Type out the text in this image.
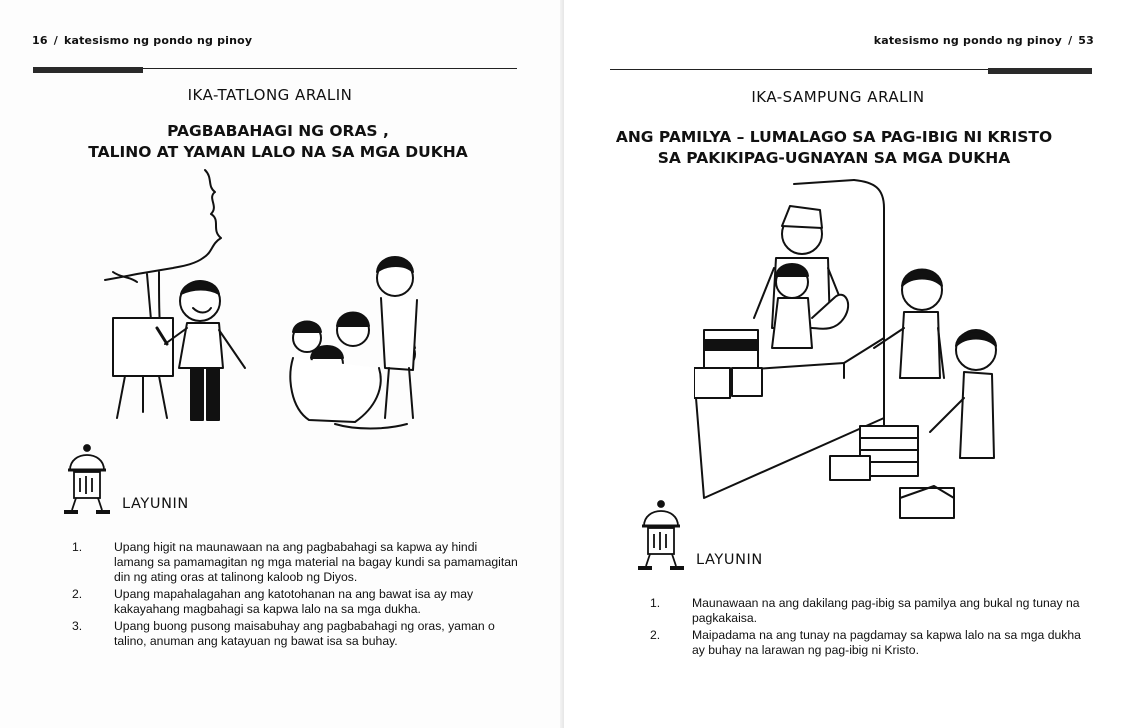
16 / katesismo ng pondo ng pinoy
IKA-TATLONG ARALIN
PAGBABAHAGI NG ORAS ,
TALINO AT YAMAN LALO NA SA MGA DUKHA
LAYUNIN
1.	Upang higit na maunawaan na ang pagbabahagi sa kapwa ay hindi lamang sa pamamagitan ng mga material na bagay kundi sa pamamagitan din ng ating oras at talinong kaloob ng Diyos.
2.	Upang mapahalagahan ang katotohanan na ang bawat isa ay may kakayahang magbahagi sa kapwa lalo na sa mga dukha.
3.	Upang buong pusong maisabuhay ang pagbabahagi ng oras, yaman o talino, anuman ang katayuan ng bawat isa sa buhay.
katesismo ng pondo ng pinoy / 53
IKA-SAMPUNG ARALIN
ANG PAMILYA – LUMALAGO SA PAG-IBIG NI KRISTO
SA PAKIKIPAG-UGNAYAN SA MGA DUKHA
LAYUNIN
1.	Maunawaan na ang dakilang pag-ibig sa pamilya ang bukal ng tunay na pagkakaisa.
2.	Maipadama na ang tunay na pagdamay sa kapwa lalo na sa mga dukha ay buhay na larawan ng pag-ibig ni Kristo.
